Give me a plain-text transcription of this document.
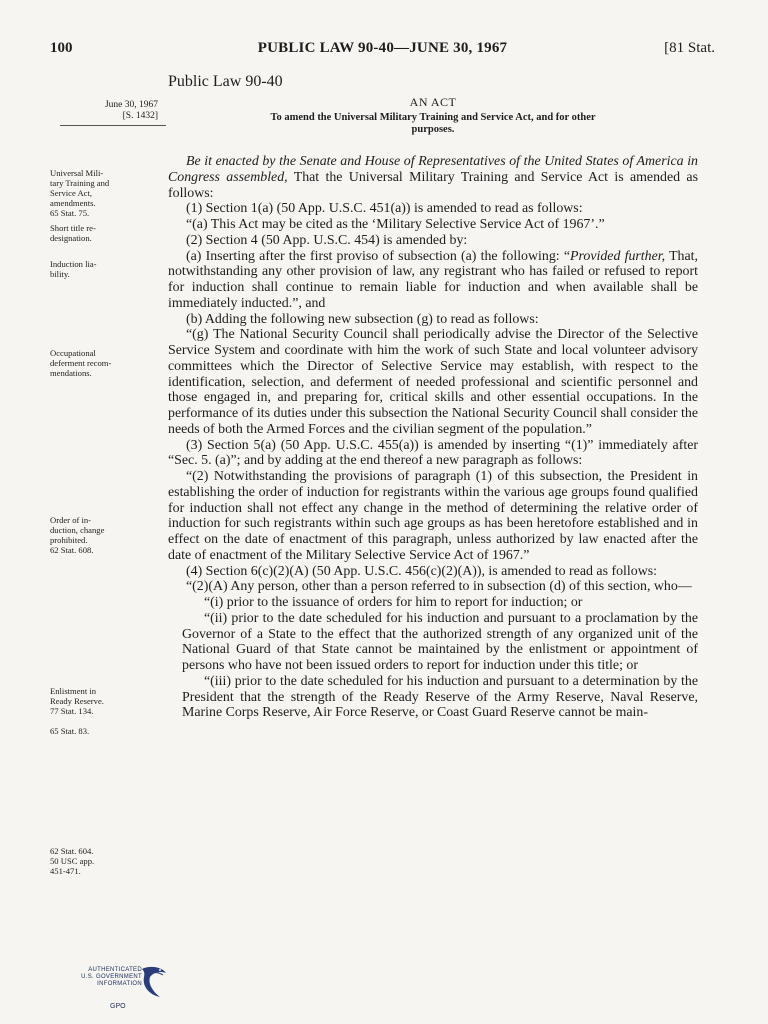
100	PUBLIC LAW 90-40—JUNE 30, 1967	[81 Stat.
Public Law 90-40
AN ACT
To amend the Universal Military Training and Service Act, and for other
purposes.
June 30, 1967
[S. 1432]
Universal Mili-
tary Training and
Service Act,
amendments.
65 Stat. 75.
Short title re-
designation.
Induction lia-
bility.
Occupational
deferment recom-
mendations.
Order of in-
duction, change
prohibited.
62 Stat. 608.
Enlistment in
Ready Reserve.
77 Stat. 134.
65 Stat. 83.
62 Stat. 604.
50 USC app.
451-471.

Be it enacted by the Senate and House of Representatives of the United States of America in Congress assembled, That the Universal Military Training and Service Act is amended as follows:

(1) Section 1(a) (50 App. U.S.C. 451(a)) is amended to read as follows:

“(a) This Act may be cited as the ‘Military Selective Service Act of 1967’.”

(2) Section 4 (50 App. U.S.C. 454) is amended by:

(a) Inserting after the first proviso of subsection (a) the following: “Provided further, That, notwithstanding any other provision of law, any registrant who has failed or refused to report for induction shall continue to remain liable for induction and when available shall be immediately inducted.”, and

(b) Adding the following new subsection (g) to read as follows:

“(g) The National Security Council shall periodically advise the Director of the Selective Service System and coordinate with him the work of such State and local volunteer advisory committees which the Director of Selective Service may establish, with respect to the identification, selection, and deferment of needed professional and scientific personnel and those engaged in, and preparing for, critical skills and other essential occupations. In the performance of its duties under this subsection the National Security Council shall consider the needs of both the Armed Forces and the civilian segment of the population.”

(3) Section 5(a) (50 App. U.S.C. 455(a)) is amended by inserting “(1)” immediately after “Sec. 5. (a)”; and by adding at the end thereof a new paragraph as follows:

“(2) Notwithstanding the provisions of paragraph (1) of this subsection, the President in establishing the order of induction for registrants within the various age groups found qualified for induction shall not effect any change in the method of determining the relative order of induction for such registrants within such age groups as has been heretofore established and in effect on the date of enactment of this paragraph, unless authorized by law enacted after the date of enactment of the Military Selective Service Act of 1967.”

(4) Section 6(c)(2)(A) (50 App. U.S.C. 456(c)(2)(A)), is amended to read as follows:

“(2)(A) Any person, other than a person referred to in subsection (d) of this section, who—

“(i) prior to the issuance of orders for him to report for induction; or

“(ii) prior to the date scheduled for his induction and pursuant to a proclamation by the Governor of a State to the effect that the authorized strength of any organized unit of the National Guard of that State cannot be maintained by the enlistment or appointment of persons who have not been issued orders to report for induction under this title; or

“(iii) prior to the date scheduled for his induction and pursuant to a determination by the President that the strength of the Ready Reserve of the Army Reserve, Naval Reserve, Marine Corps Reserve, Air Force Reserve, or Coast Guard Reserve cannot be main-

AUTHENTICATED
U.S. GOVERNMENT
INFORMATION
GPO
